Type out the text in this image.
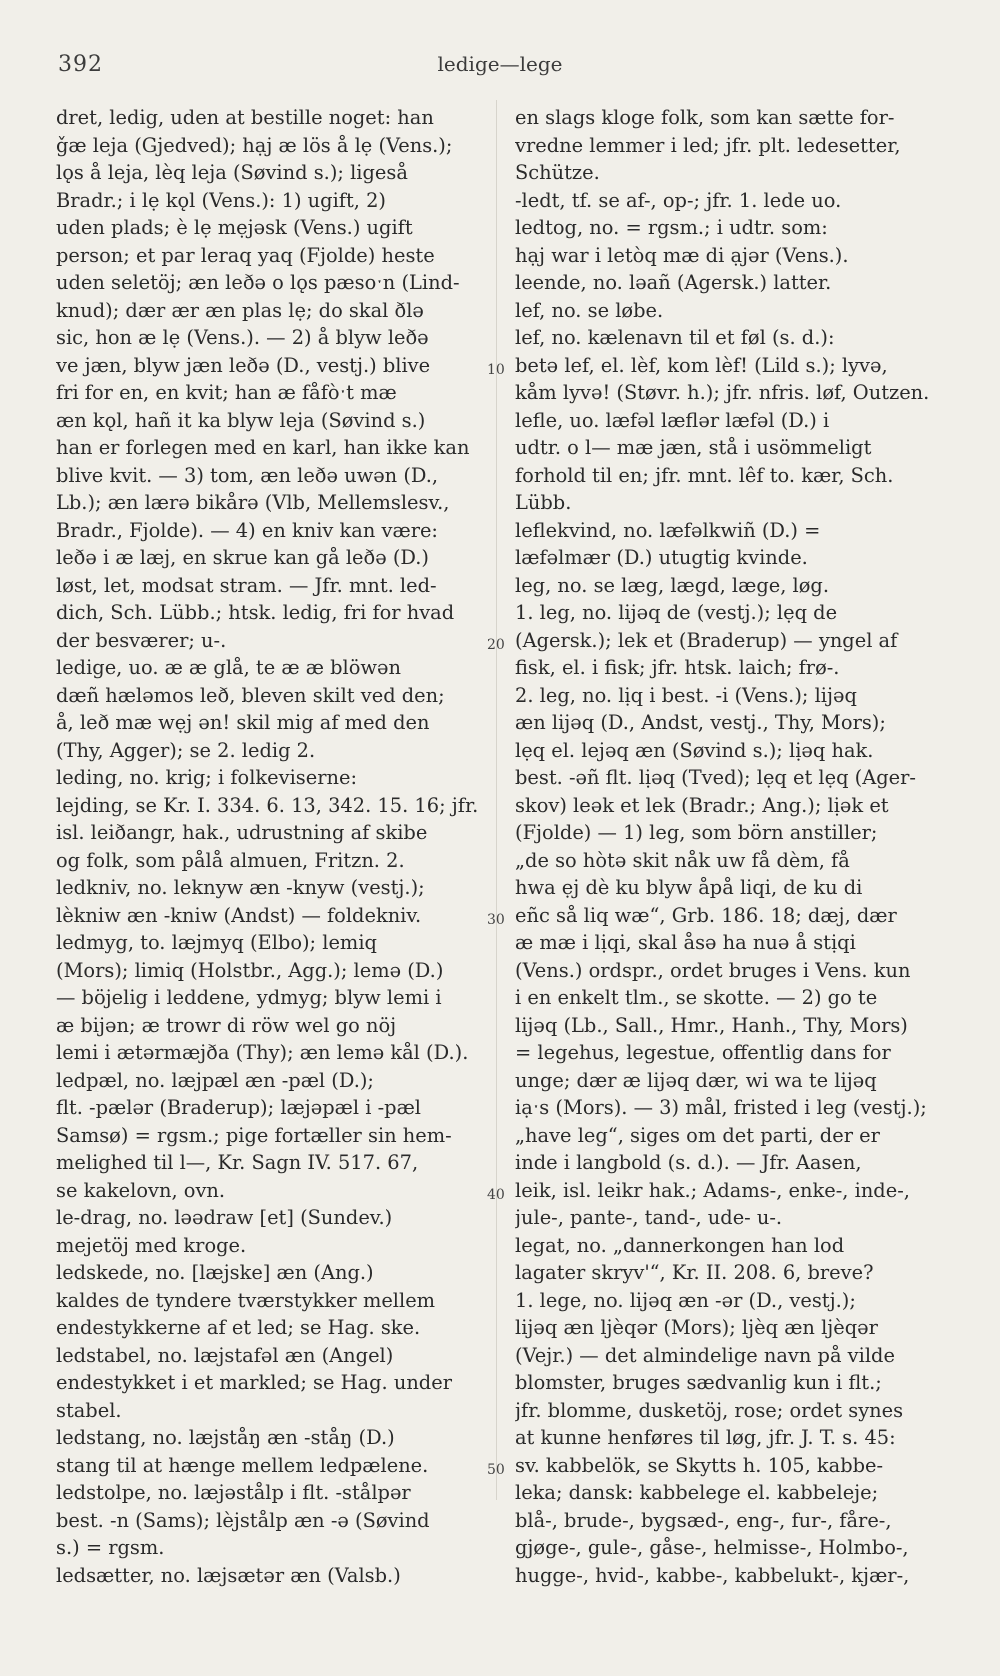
392	ledige—lege
10
20
30
40
50

dret, ledig, uden at bestille noget: han

ǧæ leja (Gjedved); hạj æ lös å lẹ (Vens.);

lǫs å leja, lèq leja (Søvind s.); ligeså

Bradr.; i lẹ kǫl (Vens.): 1) ugift, 2)

uden plads; è lẹ mẹjəsk (Vens.) ugift

person; et par leraq yaq (Fjolde) heste

uden seletöj; æn leðə o lǫs pæsoˑn (Lind-

knud); dær ær æn plas lẹ; do skal ðlə

sic, hon æ lẹ (Vens.). — 2) å blyw leðə

ve jæn, blyw jæn leðə (D., vestj.) blive

fri for en, en kvit; han æ fåfòˑt mæ

æn kǫl, hañ it ka blyw leja (Søvind s.)

han er forlegen med en karl, han ikke kan

blive kvit. — 3) tom, æn leðə uwən (D.,

Lb.); æn lærə bikårə (Vlb, Mellemslesv.,

Bradr., Fjolde). — 4) en kniv kan være:

leðə i æ læj, en skrue kan gå leðə (D.)

løst, let, modsat stram. — Jfr. mnt. led-

dich, Sch. Lübb.; htsk. ledig, fri for hvad

der besværer; u-.

ledige, uo. æ æ glå, te æ æ blöwən

dæñ hæləmos leð, bleven skilt ved den;

å, leð mæ wẹj ən! skil mig af med den

(Thy, Agger); se 2. ledig 2.

leding, no. krig; i folkeviserne:

lejding, se Kr. I. 334. 6. 13, 342. 15. 16; jfr.

isl. leiðangr, hak., udrustning af skibe

og folk, som pålå almuen, Fritzn. 2.

ledkniv, no. leknyw æn -knyw (vestj.);

lèkniw æn -kniw (Andst) — foldekniv.

ledmyg, to. læjmyq (Elbo); lemiq

(Mors); limiq (Holstbr., Agg.); lemə (D.)

— böjelig i leddene, ydmyg; blyw lemi i

æ bijən; æ trowr di röw wel go nöj

lemi i ætərmæjða (Thy); æn lemə kål (D.).

ledpæl, no. læjpæl æn -pæl (D.);

flt. -pælər (Braderup); læjəpæl i -pæl

Samsø) = rgsm.; pige fortæller sin hem-

melighed til l—, Kr. Sagn IV. 517. 67,

se kakelovn, ovn.

le-drag, no. ləədraw [et] (Sundev.)

mejetöj med kroge.

ledskede, no. [læjske] æn (Ang.)

kaldes de tyndere tværstykker mellem

endestykkerne af et led; se Hag. ske.

ledstabel, no. læjstafəl æn (Angel)

endestykket i et markled; se Hag. under

stabel.

ledstang, no. læjståŋ æn -ståŋ (D.)

stang til at hænge mellem ledpælene.

ledstolpe, no. læjəstålp i flt. -stålpər

best. -n (Sams); lèjstålp æn -ə (Søvind

s.) = rgsm.

ledsætter, no. læjsætər æn (Valsb.)

en slags kloge folk, som kan sætte for-

vredne lemmer i led; jfr. plt. ledesetter,

Schütze.

-ledt, tf. se af-, op-; jfr. 1. lede uo.

ledtog, no. = rgsm.; i udtr. som:

hạj war i letòq mæ di ạjər (Vens.).

leende, no. ləañ (Agersk.) latter.

lef, no. se løbe.

lef, no. kælenavn til et føl (s. d.):

betə lef, el. lèf, kom lèf! (Lild s.); lyvə,

kåm lyvə! (Støvr. h.); jfr. nfris. løf, Outzen.

lefle, uo. læfəl læflər læfəl (D.) i

udtr. o l— mæ jæn, stå i usömmeligt

forhold til en; jfr. mnt. lêf to. kær, Sch.

Lübb.

leflekvind, no. læfəlkwiñ (D.) =

læfəlmær (D.) utugtig kvinde.

leg, no. se læg, lægd, læge, løg.

1. leg, no. lijəq de (vestj.); lẹq de

(Agersk.); lek et (Braderup) — yngel af

fisk, el. i fisk; jfr. htsk. laich; frø-.

2. leg, no. lịq i best. -i (Vens.); lijəq

æn lijəq (D., Andst, vestj., Thy, Mors);

lẹq el. lejəq æn (Søvind s.); lịəq hak.

best. -əñ flt. lịəq (Tved); lẹq et lẹq (Ager-

skov) leək et lek (Bradr.; Ang.); lịək et

(Fjolde) — 1) leg, som börn anstiller;

„de so hòtə skit nåk uw få dèm, få

hwa ẹj dè ku blyw åpå liqi, de ku di

eñc så liq wæ“, Grb. 186. 18; dæj, dær

æ mæ i lịqi, skal åsə ha nuə å stịqi

(Vens.) ordspr., ordet bruges i Vens. kun

i en enkelt tlm., se skotte. — 2) go te

lijəq (Lb., Sall., Hmr., Hanh., Thy, Mors)

= legehus, legestue, offentlig dans for

unge; dær æ lijəq dær, wi wa te lijəq

iạˑs (Mors). — 3) mål, fristed i leg (vestj.);

„have leg“, siges om det parti, der er

inde i langbold (s. d.). — Jfr. Aasen,

leik, isl. leikr hak.; Adams-, enke-, inde-,

jule-, pante-, tand-, ude- u-.

legat, no. „dannerkongen han lod

lagater skryv'“, Kr. II. 208. 6, breve?

1. lege, no. lijəq æn -ər (D., vestj.);

lijəq æn ljèqər (Mors); ljèq æn ljèqər

(Vejr.) — det almindelige navn på vilde

blomster, bruges sædvanlig kun i flt.;

jfr. blomme, dusketöj, rose; ordet synes

at kunne henføres til løg, jfr. J. T. s. 45:

sv. kabbelök, se Skytts h. 105, kabbe-

leka; dansk: kabbelege el. kabbeleje;

blå-, brude-, bygsæd-, eng-, fur-, fåre-,

gjøge-, gule-, gåse-, helmisse-, Holmbo-,

hugge-, hvid-, kabbe-, kabbelukt-, kjær-,
